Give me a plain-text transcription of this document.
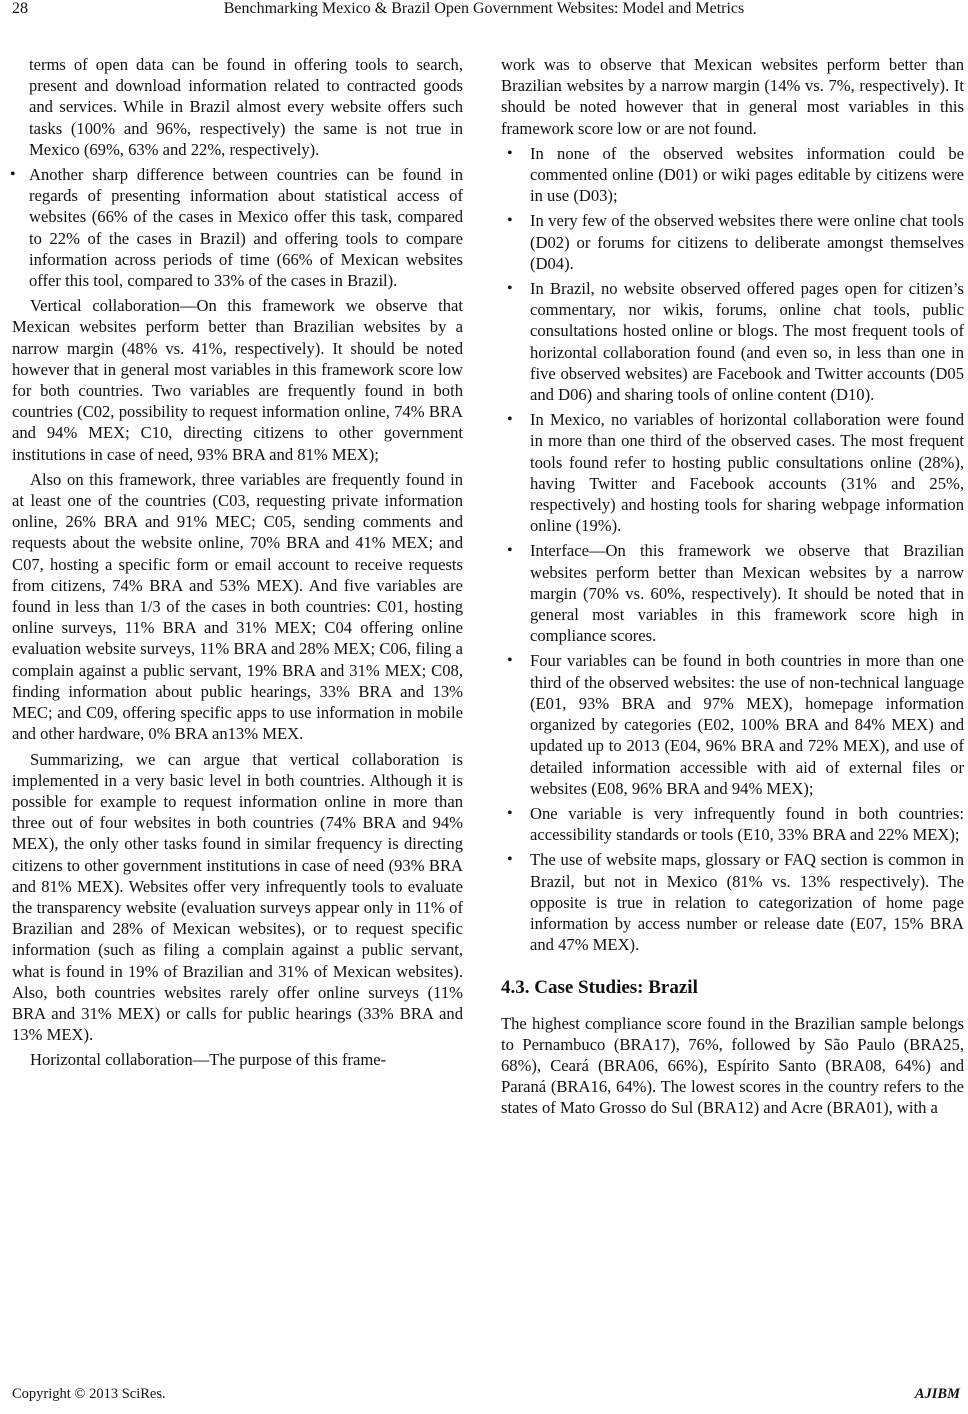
28	Benchmarking Mexico & Brazil Open Government Websites: Model and Metrics
terms of open data can be found in offering tools to search, present and download information related to contracted goods and services. While in Brazil almost every website offers such tasks (100% and 96%, respectively) the same is not true in Mexico (69%, 63% and 22%, respectively).
• Another sharp difference between countries can be found in regards of presenting information about statistical access of websites (66% of the cases in Mexico offer this task, compared to 22% of the cases in Brazil) and offering tools to compare information across periods of time (66% of Mexican websites offer this tool, compared to 33% of the cases in Brazil).

Vertical collaboration—On this framework we observe that Mexican websites perform better than Brazilian websites by a narrow margin (48% vs. 41%, respectively). It should be noted however that in general most variables in this framework score low for both countries. Two variables are frequently found in both countries (C02, possibility to request information online, 74% BRA and 94% MEX; C10, directing citizens to other government institutions in case of need, 93% BRA and 81% MEX);

Also on this framework, three variables are frequently found in at least one of the countries (C03, requesting private information online, 26% BRA and 91% MEC; C05, sending comments and requests about the website online, 70% BRA and 41% MEX; and C07, hosting a specific form or email account to receive requests from citizens, 74% BRA and 53% MEX). And five variables are found in less than 1/3 of the cases in both countries: C01, hosting online surveys, 11% BRA and 31% MEX; C04 offering online evaluation website surveys, 11% BRA and 28% MEX; C06, filing a complain against a public servant, 19% BRA and 31% MEX; C08, finding information about public hearings, 33% BRA and 13% MEC; and C09, offering specific apps to use information in mobile and other hardware, 0% BRA an13% MEX.

Summarizing, we can argue that vertical collaboration is implemented in a very basic level in both countries. Although it is possible for example to request information online in more than three out of four websites in both countries (74% BRA and 94% MEX), the only other tasks found in similar frequency is directing citizens to other government institutions in case of need (93% BRA and 81% MEX). Websites offer very infrequently tools to evaluate the transparency website (evaluation surveys appear only in 11% of Brazilian and 28% of Mexican websites), or to request specific information (such as filing a complain against a public servant, what is found in 19% of Brazilian and 31% of Mexican websites). Also, both countries websites rarely offer online surveys (11% BRA and 31% MEX) or calls for public hearings (33% BRA and 13% MEX).

Horizontal collaboration—The purpose of this frame-

work was to observe that Mexican websites perform better than Brazilian websites by a narrow margin (14% vs. 7%, respectively). It should be noted however that in general most variables in this framework score low or are not found.

• In none of the observed websites information could be commented online (D01) or wiki pages editable by citizens were in use (D03);
• In very few of the observed websites there were online chat tools (D02) or forums for citizens to deliberate amongst themselves (D04).
• In Brazil, no website observed offered pages open for citizen’s commentary, nor wikis, forums, online chat tools, public consultations hosted online or blogs. The most frequent tools of horizontal collaboration found (and even so, in less than one in five observed websites) are Facebook and Twitter accounts (D05 and D06) and sharing tools of online content (D10).
• In Mexico, no variables of horizontal collaboration were found in more than one third of the observed cases. The most frequent tools found refer to hosting public consultations online (28%), having Twitter and Facebook accounts (31% and 25%, respectively) and hosting tools for sharing webpage information online (19%).
• Interface—On this framework we observe that Brazilian websites perform better than Mexican websites by a narrow margin (70% vs. 60%, respectively). It should be noted that in general most variables in this framework score high in compliance scores.
• Four variables can be found in both countries in more than one third of the observed websites: the use of non-technical language (E01, 93% BRA and 97% MEX), homepage information organized by categories (E02, 100% BRA and 84% MEX) and updated up to 2013 (E04, 96% BRA and 72% MEX), and use of detailed information accessible with aid of external files or websites (E08, 96% BRA and 94% MEX);
• One variable is very infrequently found in both countries: accessibility standards or tools (E10, 33% BRA and 22% MEX);
• The use of website maps, glossary or FAQ section is common in Brazil, but not in Mexico (81% vs. 13% respectively). The opposite is true in relation to categorization of home page information by access number or release date (E07, 15% BRA and 47% MEX).
4.3. Case Studies: Brazil

The highest compliance score found in the Brazilian sample belongs to Pernambuco (BRA17), 76%, followed by São Paulo (BRA25, 68%), Ceará (BRA06, 66%), Espírito Santo (BRA08, 64%) and Paraná (BRA16, 64%). The lowest scores in the country refers to the states of Mato Grosso do Sul (BRA12) and Acre (BRA01), with a

Copyright © 2013 SciRes.	AJIBM
